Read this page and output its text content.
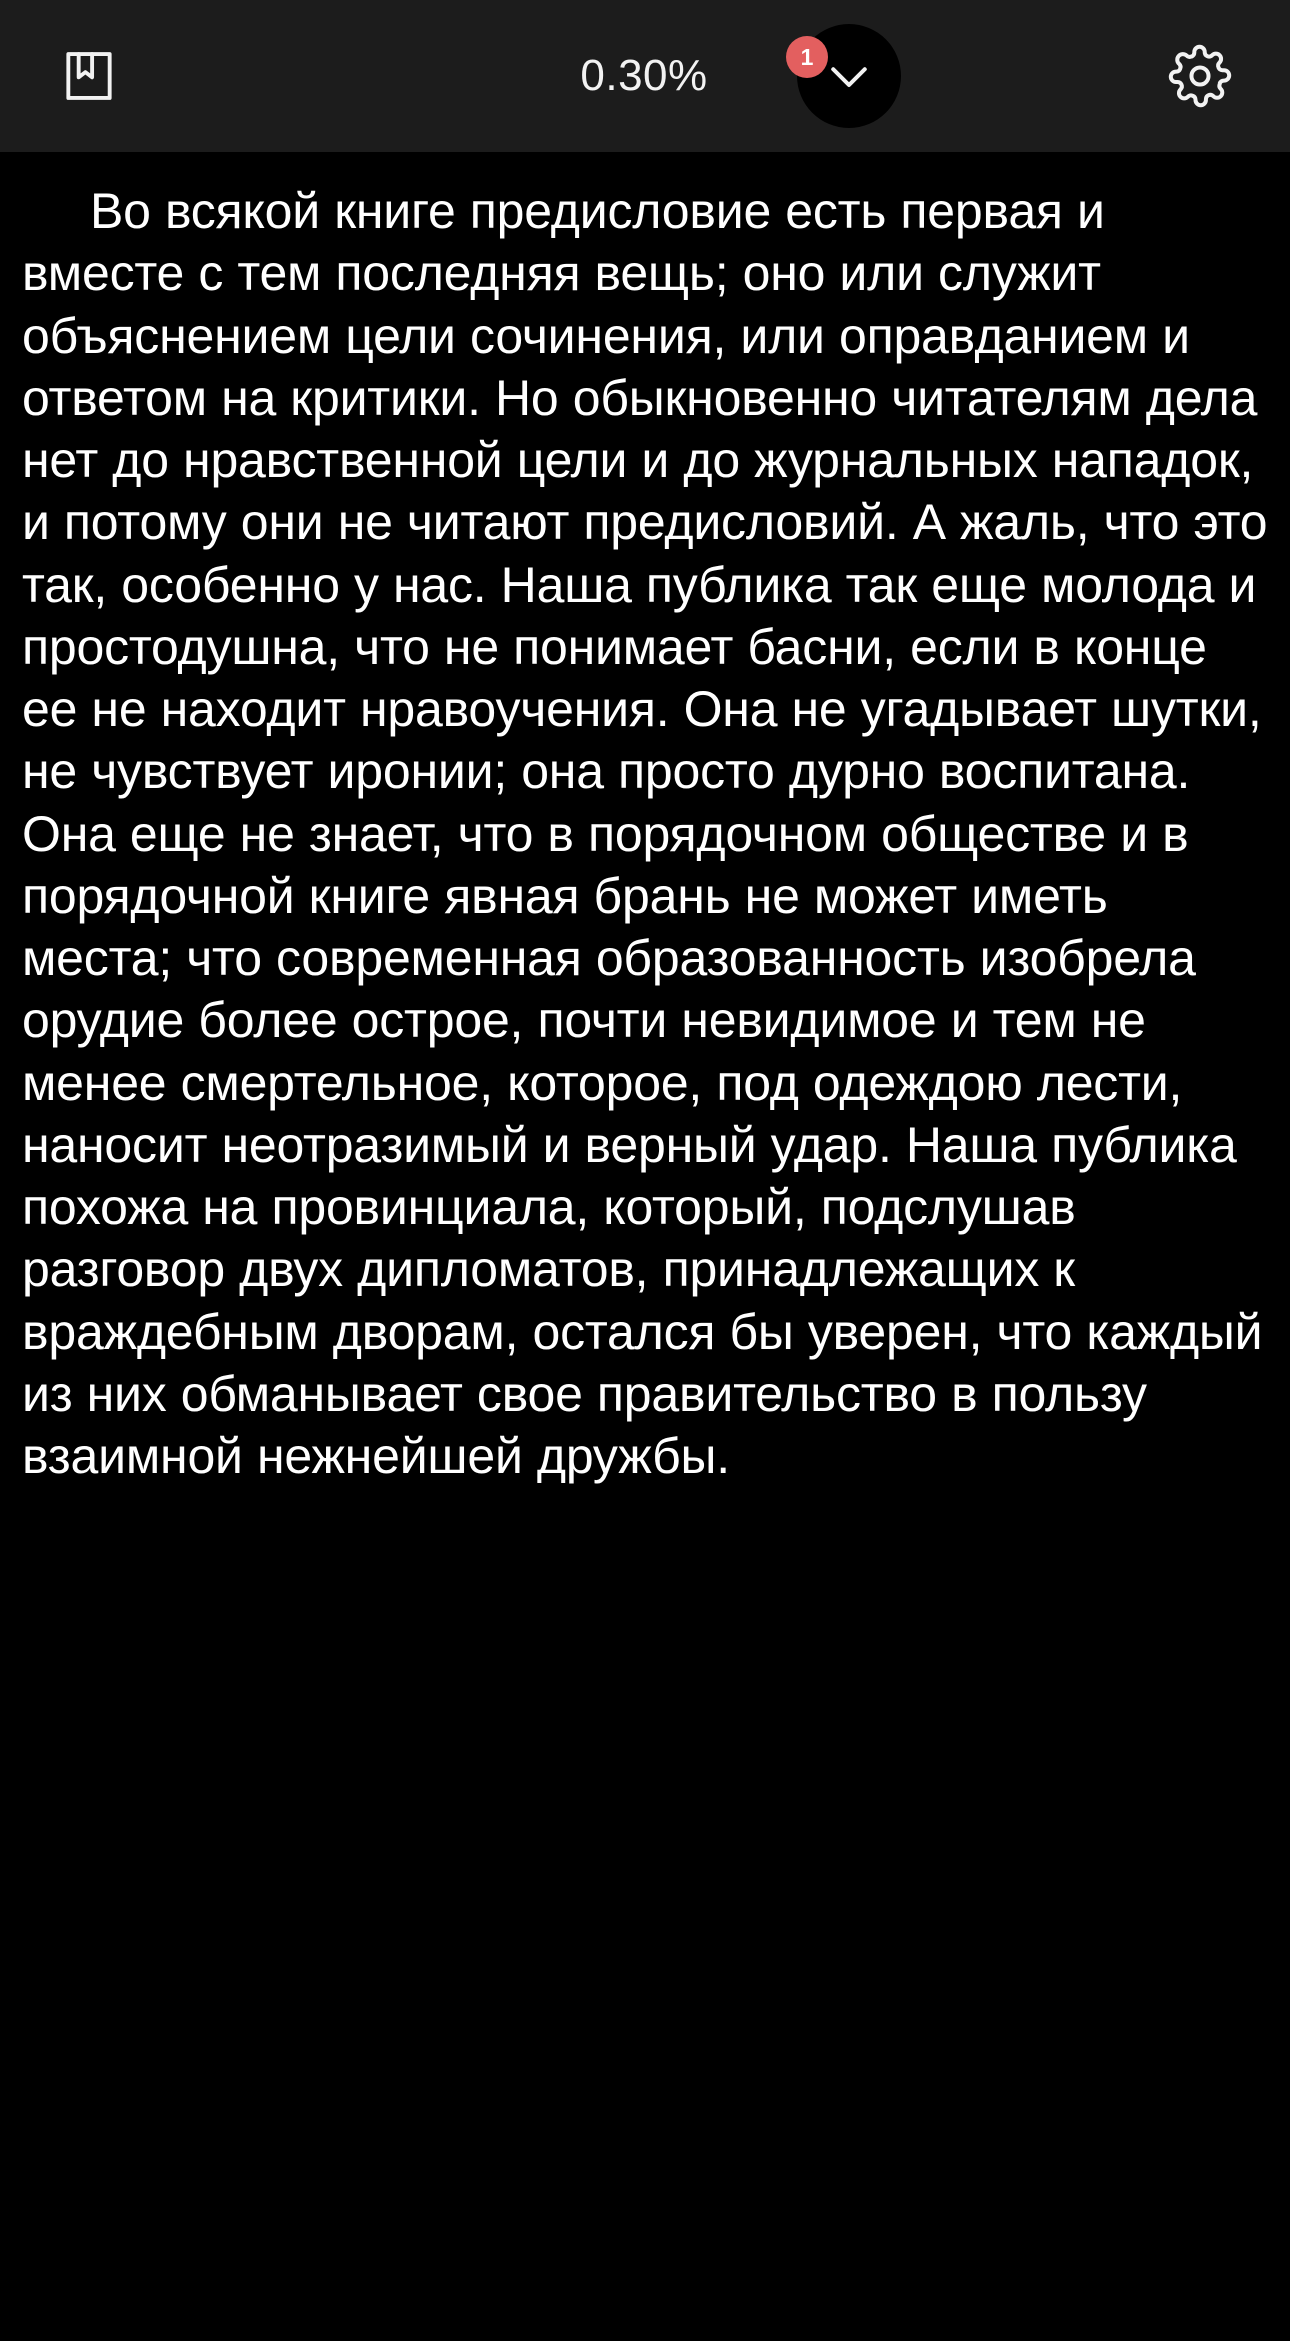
0.30%	1

Во всякой книге предисловие есть первая и вместе с тем последняя вещь; оно или служит объяснением цели сочинения, или оправданием и ответом на критики. Но обыкновенно читателям дела нет до нравственной цели и до журнальных нападок, и потому они не читают предисловий. А жаль, что это так, особенно у нас. Наша публика так еще молода и простодушна, что не понимает басни, если в конце ее не находит нравоучения. Она не угадывает шутки, не чувствует иронии; она просто дурно воспитана. Она еще не знает, что в порядочном обществе и в порядочной книге явная брань не может иметь места; что современная образованность изобрела орудие более острое, почти невидимое и тем не менее смертельное, которое, под одеждою лести, наносит неотразимый и верный удар. Наша публика похожа на провинциала, который, подслушав разговор двух дипломатов, принадлежащих к враждебным дворам, остался бы уверен, что каждый из них обманывает свое правительство в пользу взаимной нежнейшей дружбы.
